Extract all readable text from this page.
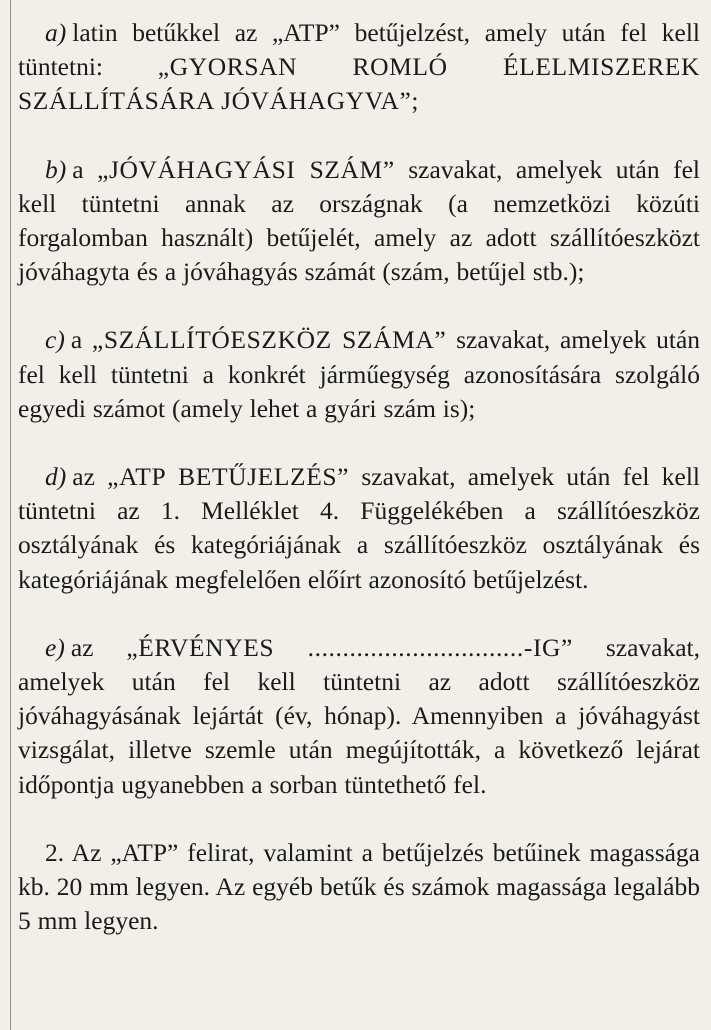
a) latin betűkkel az „ATP” betűjelzést, amely után fel kell tüntetni: „GYORSAN ROMLÓ ÉLELMISZEREK SZÁLLÍTÁSÁRA JÓVÁHAGYVA”;

b) a „JÓVÁHAGYÁSI SZÁM” szavakat, amelyek után fel kell tüntetni annak az országnak (a nemzetközi közúti forgalomban használt) betűjelét, amely az adott szállítóeszközt jóváhagyta és a jóváhagyás számát (szám, betűjel stb.);

c) a „SZÁLLÍTÓESZKÖZ SZÁMA” szavakat, amelyek után fel kell tüntetni a konkrét járműegység azonosítására szolgáló egyedi számot (amely lehet a gyári szám is);

d) az „ATP BETŰJELZÉS” szavakat, amelyek után fel kell tüntetni az 1. Melléklet 4. Függelékében a szállítóeszköz osztályának és kategóriájának a szállítóeszköz osztályának és kategóriájának megfelelően előírt azonosító betűjelzést.

e) az „ÉRVÉNYES ...............................-IG” szavakat, amelyek után fel kell tüntetni az adott szállítóeszköz jóváhagyásának lejártát (év, hónap). Amennyiben a jóváhagyást vizsgálat, illetve szemle után megújították, a következő lejárat időpontja ugyanebben a sorban tüntethető fel.

2. Az „ATP” felirat, valamint a betűjelzés betűinek magassága kb. 20 mm legyen. Az egyéb betűk és számok magassága legalább 5 mm legyen.
